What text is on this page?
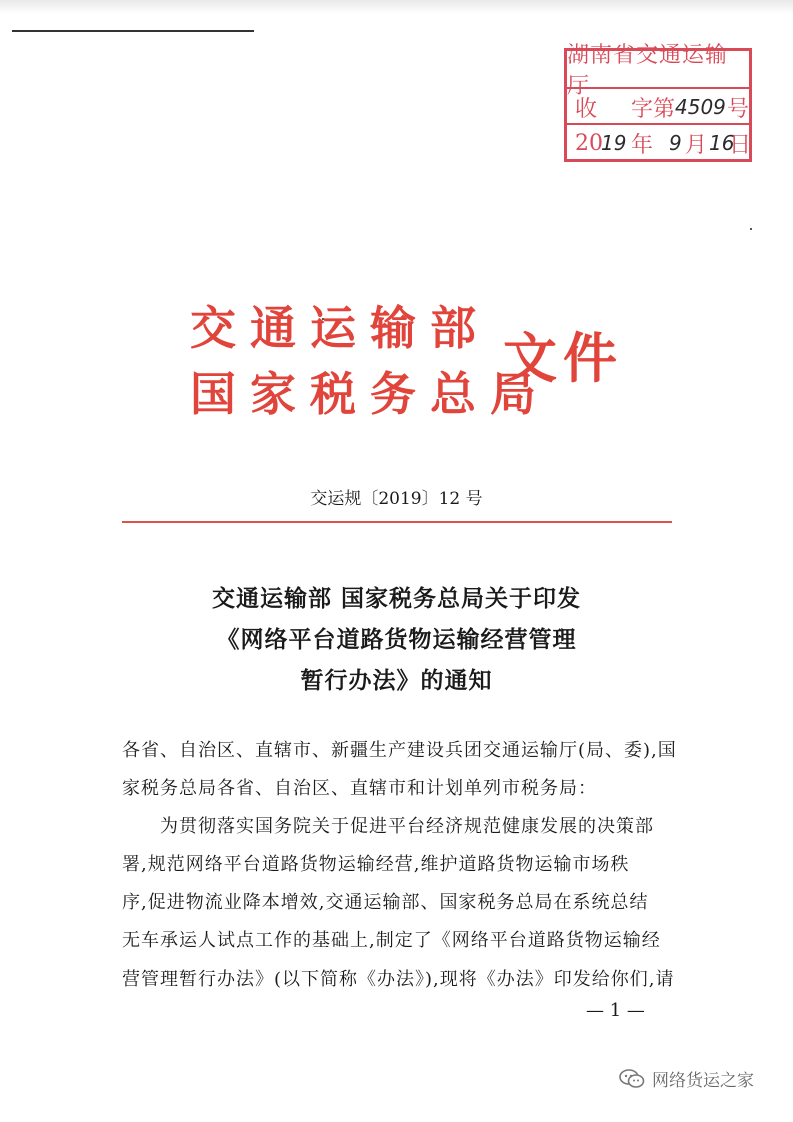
湖南省交通运输厅
收 字第 4509 号
20
19 年 9 月 16
日
交通运输部
国家税务总局
文件
交运规〔2019〕12 号
交通运输部 国家税务总局关于印发
《网络平台道路货物运输经营管理
暂行办法》的通知
各省、自治区、直辖市、新疆生产建设兵团交通运输厅(局、委),国
家税务总局各省、自治区、直辖市和计划单列市税务局：
为贯彻落实国务院关于促进平台经济规范健康发展的决策部
署,规范网络平台道路货物运输经营,维护道路货物运输市场秩
序,促进物流业降本增效,交通运输部、国家税务总局在系统总结
无车承运人试点工作的基础上,制定了《网络平台道路货物运输经
营管理暂行办法》(以下简称《办法》),现将《办法》印发给你们,请
— 1 —
网络货运之家
